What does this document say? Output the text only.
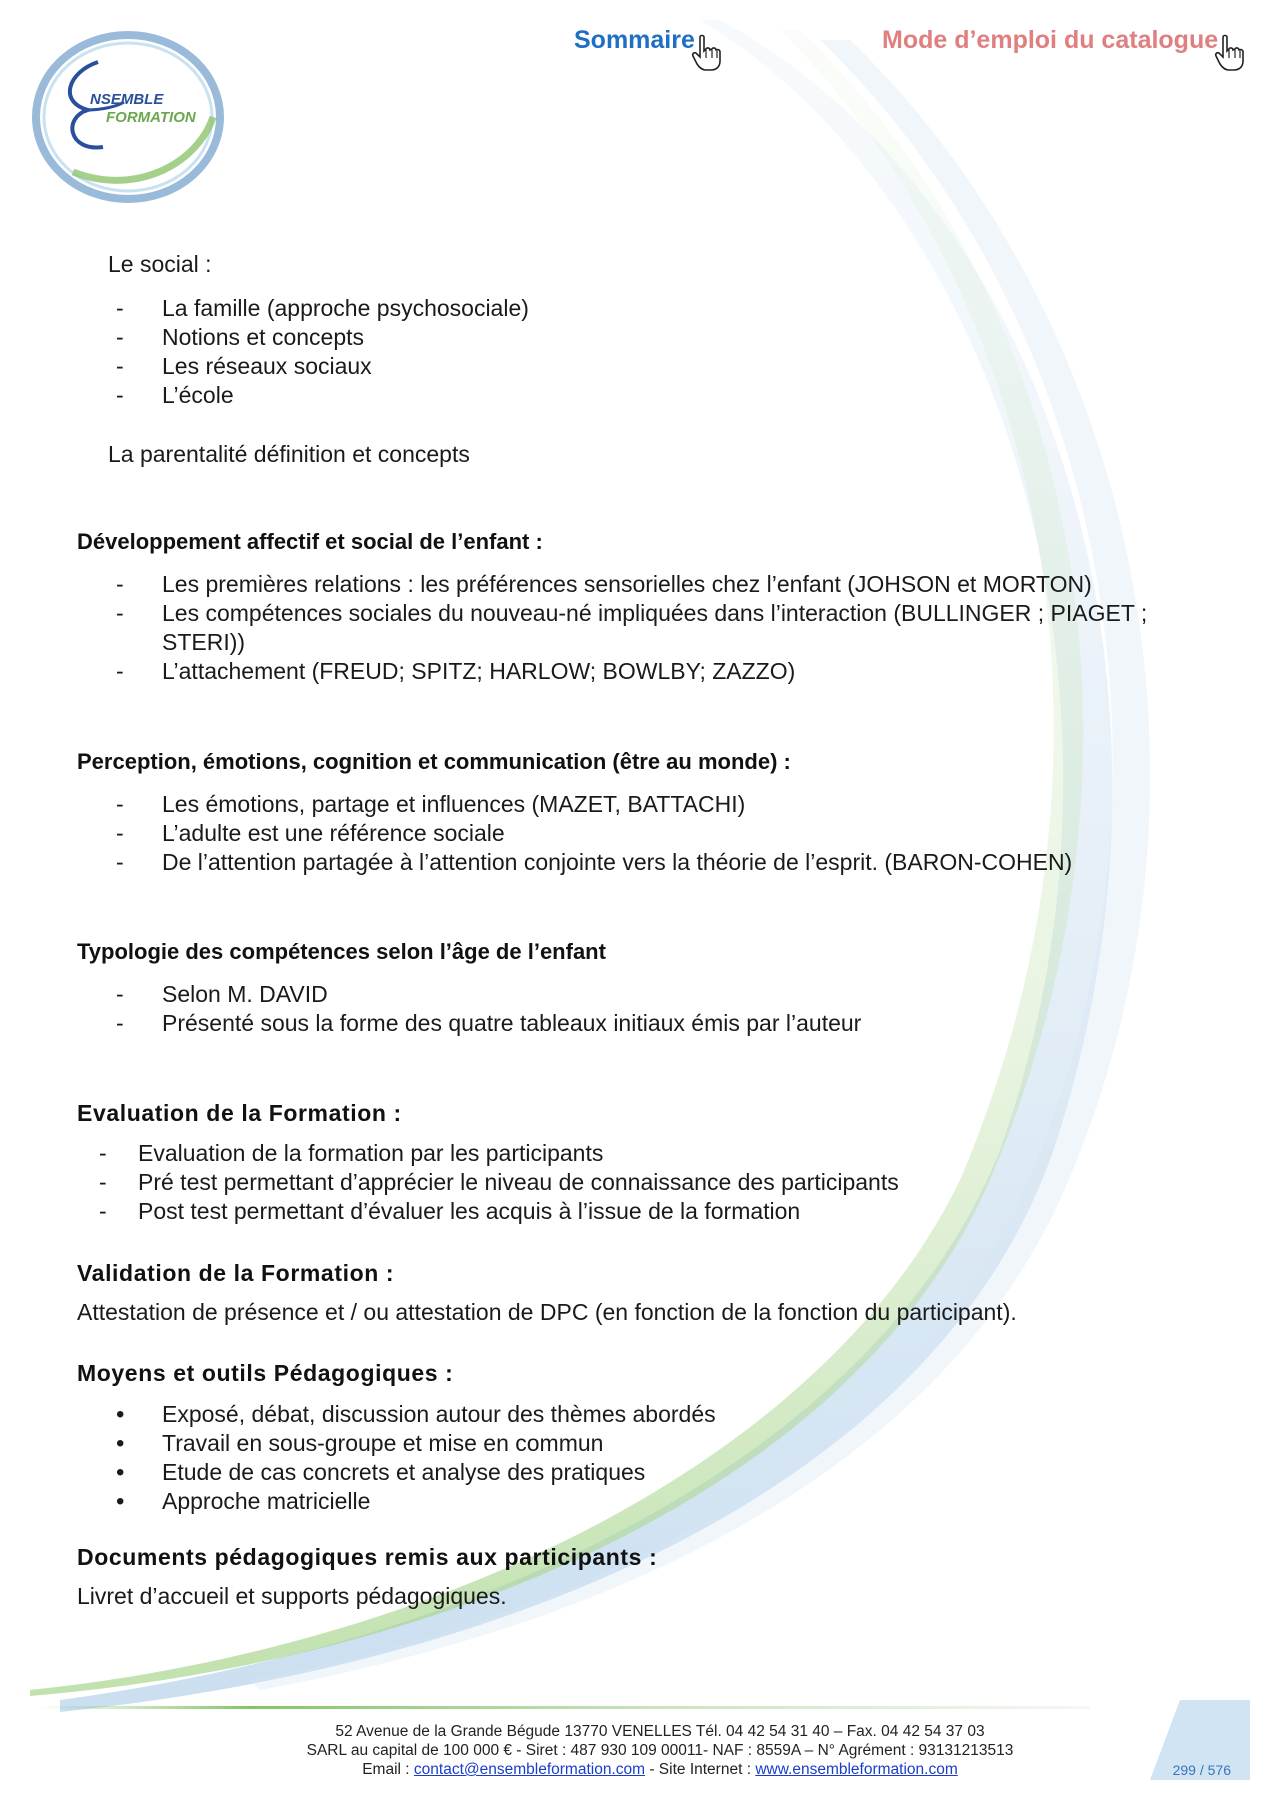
NSEMBLE
FORMATION
Sommaire	Mode d’emploi du catalogue
Le social :
- La famille (approche psychosociale)
- Notions et concepts
- Les réseaux sociaux
- L’école
La parentalité définition et concepts
Développement affectif et social de l’enfant :
- Les premières relations : les préférences sensorielles chez l’enfant (JOHSON et MORTON)
- Les compétences sociales du nouveau-né impliquées dans l’interaction (BULLINGER ; PIAGET ; STERI))
- L’attachement (FREUD; SPITZ; HARLOW; BOWLBY; ZAZZO)
Perception, émotions, cognition et communication (être au monde) :
- Les émotions, partage et influences (MAZET, BATTACHI)
- L’adulte est une référence sociale
- De l’attention partagée à l’attention conjointe vers la théorie de l’esprit. (BARON-COHEN)
Typologie des compétences selon l’âge de l’enfant
- Selon M. DAVID
- Présenté sous la forme des quatre tableaux initiaux émis par l’auteur
Evaluation de la Formation :
- Evaluation de la formation par les participants
- Pré test permettant d’apprécier le niveau de connaissance des participants
- Post test permettant d’évaluer les acquis à l’issue de la formation
Validation de la Formation :
Attestation de présence et / ou attestation de DPC (en fonction de la fonction du participant).
Moyens et outils Pédagogiques :
• Exposé, débat, discussion autour des thèmes abordés
• Travail en sous-groupe et mise en commun
• Etude de cas concrets et analyse des pratiques
• Approche matricielle
Documents pédagogiques remis aux participants :
Livret d’accueil et supports pédagogiques.
52 Avenue de la Grande Bégude 13770 VENELLES Tél. 04 42 54 31 40 – Fax. 04 42 54 37 03
SARL au capital de 100 000 € - Siret : 487 930 109 00011- NAF : 8559A – N° Agrément : 93131213513
Email : contact@ensembleformation.com - Site Internet : www.ensembleformation.com	299 / 576
